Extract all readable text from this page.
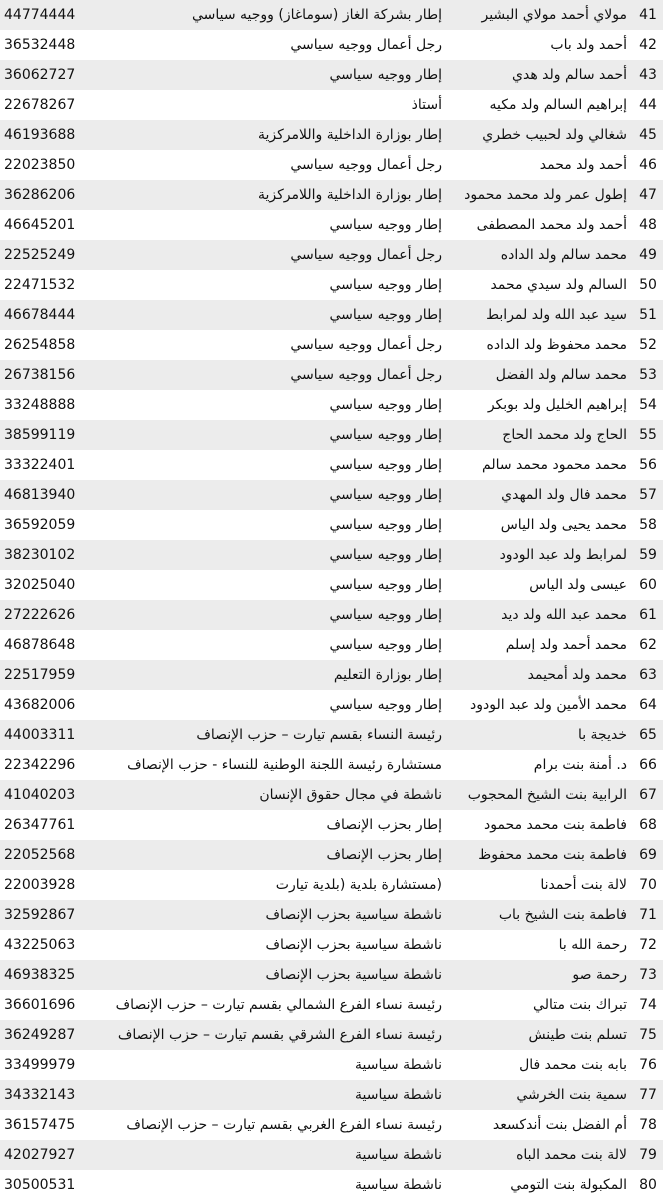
41	مولاي أحمد مولاي البشير	إطار بشركة الغاز (سوماغاز) ووجيه سياسي	44774444
42	أحمد ولد باب	رجل أعمال ووجيه سياسي	36532448
43	أحمد سالم ولد هدي	إطار ووجيه سياسي	36062727
44	إبراهيم السالم ولد مكيه	أستاذ	22678267
45	شغالي ولد لحبيب خطري	إطار بوزارة الداخلية واللامركزية	46193688
46	أحمد ولد محمد	رجل أعمال ووجيه سياسي	22023850
47	إطول عمر ولد محمد محمود	إطار بوزارة الداخلية واللامركزية	36286206
48	أحمد ولد محمد المصطفى	إطار ووجيه سياسي	46645201
49	محمد سالم ولد الداده	رجل أعمال ووجيه سياسي	22525249
50	السالم ولد سيدي محمد	إطار ووجيه سياسي	22471532
51	سيد عبد الله ولد لمرابط	إطار ووجيه سياسي	46678444
52	محمد محفوظ ولد الداده	رجل أعمال ووجيه سياسي	26254858
53	محمد سالم ولد الفضل	رجل أعمال ووجيه سياسي	26738156
54	إبراهيم الخليل ولد بوبكر	إطار ووجيه سياسي	33248888
55	الحاج ولد محمد الحاج	إطار ووجيه سياسي	38599119
56	محمد محمود محمد سالم	إطار ووجيه سياسي	33322401
57	محمد فال ولد المهدي	إطار ووجيه سياسي	46813940
58	محمد يحيى ولد الياس	إطار ووجيه سياسي	36592059
59	لمرابط ولد عبد الودود	إطار ووجيه سياسي	38230102
60	عيسى ولد الياس	إطار ووجيه سياسي	32025040
61	محمد عبد الله ولد ديد	إطار ووجيه سياسي	27222626
62	محمد أحمد ولد إسلم	إطار ووجيه سياسي	46878648
63	محمد ولد أمحيمد	إطار بوزارة التعليم	22517959
64	محمد الأمين ولد عبد الودود	إطار ووجيه سياسي	43682006
65	خديجة با	رئيسة النساء بقسم تيارت – حزب الإنصاف	44003311
66	د. أمنة بنت برام	مستشارة رئيسة اللجنة الوطنية للنساء - حزب الإنصاف	22342296
67	الرابية بنت الشيخ المحجوب	ناشطة في مجال حقوق الإنسان	41040203
68	فاطمة بنت محمد محمود	إطار بحزب الإنصاف	26347761
69	فاطمة بنت محمد محفوظ	إطار بحزب الإنصاف	22052568
70	لالة بنت أحمدنا	(مستشارة بلدية (بلدية تيارت	22003928
71	فاطمة بنت الشيخ باب	ناشطة سياسية بحزب الإنصاف	32592867
72	رحمة الله با	ناشطة سياسية بحزب الإنصاف	43225063
73	رحمة صو	ناشطة سياسية بحزب الإنصاف	46938325
74	تبراك بنت متالي	رئيسة نساء الفرع الشمالي بقسم تيارت – حزب الإنصاف	36601696
75	تسلم بنت طينش	رئيسة نساء الفرع الشرقي بقسم تيارت – حزب الإنصاف	36249287
76	بابه بنت محمد فال	ناشطة سياسية	33499979
77	سمية بنت الخرشي	ناشطة سياسية	34332143
78	أم الفضل بنت أندكسعد	رئيسة نساء الفرع الغربي بقسم تيارت – حزب الإنصاف	36157475
79	لالة بنت محمد الباه	ناشطة سياسية	42027927
80	المكبولة بنت التومي	ناشطة سياسية	30500531
